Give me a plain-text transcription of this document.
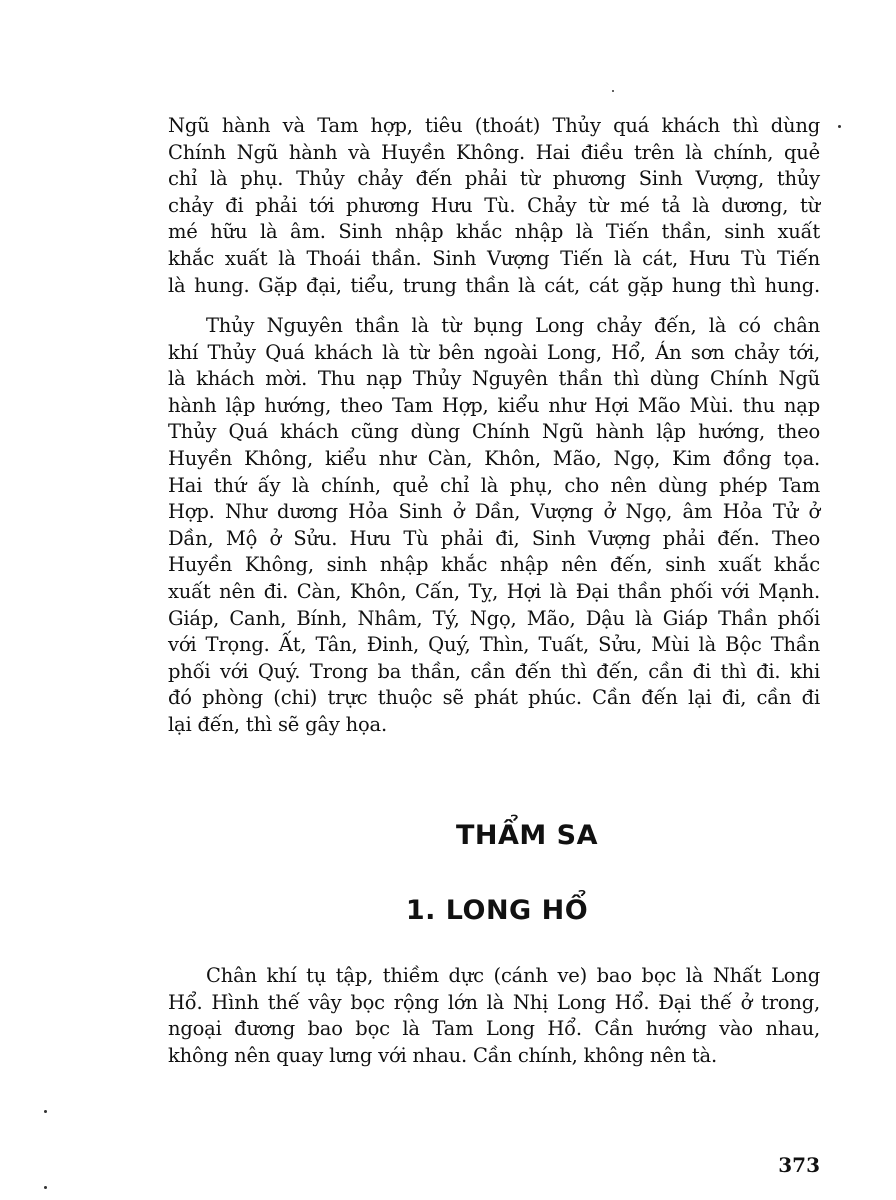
Ngũ hành và Tam hợp, tiêu (thoát) Thủy quá khách thì dùng
Chính Ngũ hành và Huyền Không. Hai điều trên là chính, quẻ
chỉ là phụ. Thủy chảy đến phải từ phương Sinh Vượng, thủy
chảy đi phải tới phương Hưu Tù. Chảy từ mé tả là dương, từ
mé hữu là âm. Sinh nhập khắc nhập là Tiến thần, sinh xuất
khắc xuất là Thoái thần. Sinh Vượng Tiến là cát, Hưu Tù Tiến
là hung. Gặp đại, tiểu, trung thần là cát, cát gặp hung thì hung.
Thủy Nguyên thần là từ bụng Long chảy đến, là có chân
khí Thủy Quá khách là từ bên ngoài Long, Hổ, Án sơn chảy tới,
là khách mời. Thu nạp Thủy Nguyên thần thì dùng Chính Ngũ
hành lập hướng, theo Tam Hợp, kiểu như Hợi Mão Mùi. thu nạp
Thủy Quá khách cũng dùng Chính Ngũ hành lập hướng, theo
Huyền Không, kiểu như Càn, Khôn, Mão, Ngọ, Kim đồng tọa.
Hai thứ ấy là chính, quẻ chỉ là phụ, cho nên dùng phép Tam
Hợp. Như dương Hỏa Sinh ở Dần, Vượng ở Ngọ, âm Hỏa Tử ở
Dần, Mộ ở Sửu. Hưu Tù phải đi, Sinh Vượng phải đến. Theo
Huyền Không, sinh nhập khắc nhập nên đến, sinh xuất khắc
xuất nên đi. Càn, Khôn, Cấn, Tỵ, Hợi là Đại thần phối với Mạnh.
Giáp, Canh, Bính, Nhâm, Tý, Ngọ, Mão, Dậu là Giáp Thần phối
với Trọng. Ất, Tân, Đinh, Quý, Thìn, Tuất, Sửu, Mùi là Bộc Thần
phối với Quý. Trong ba thần, cần đến thì đến, cần đi thì đi. khi
đó phòng (chi) trực thuộc sẽ phát phúc. Cần đến lại đi, cần đi
lại đến, thì sẽ gây họa.
THẨM SA
1. LONG HỔ
Chân khí tụ tập, thiềm dực (cánh ve) bao bọc là Nhất Long
Hổ. Hình thế vây bọc rộng lớn là Nhị Long Hổ. Đại thế ở trong,
ngoại đương bao bọc là Tam Long Hổ. Cần hướng vào nhau,
không nên quay lưng với nhau. Cần chính, không nên tà.
373
